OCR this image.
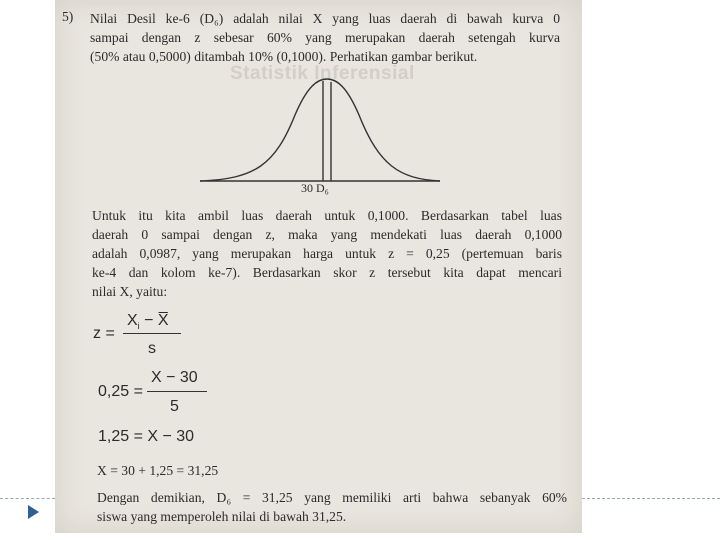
Statistik Inferensial
5) Nilai Desil ke-6 (D₆) adalah nilai X yang luas daerah di bawah kurva 0
sampai dengan z sebesar 60% yang merupakan daerah setengah kurva
(50% atau 0,5000) ditambah 10% (0,1000). Perhatikan gambar berikut.
30 D₆
Untuk itu kita ambil luas daerah untuk 0,1000. Berdasarkan tabel luas
daerah 0 sampai dengan z, maka yang mendekati luas daerah 0,1000
adalah 0,0987, yang merupakan harga untuk z = 0,25 (pertemuan baris
ke-4 dan kolom ke-7). Berdasarkan skor z tersebut kita dapat mencari
nilai X, yaitu:
z =
$X_i$ − X̅
s
0,25 =
X − 30
5
1,25 = X − 30
X = 30 + 1,25 = 31,25
Dengan demikian, D₆ = 31,25 yang memiliki arti bahwa sebanyak 60%
siswa yang memperoleh nilai di bawah 31,25.
